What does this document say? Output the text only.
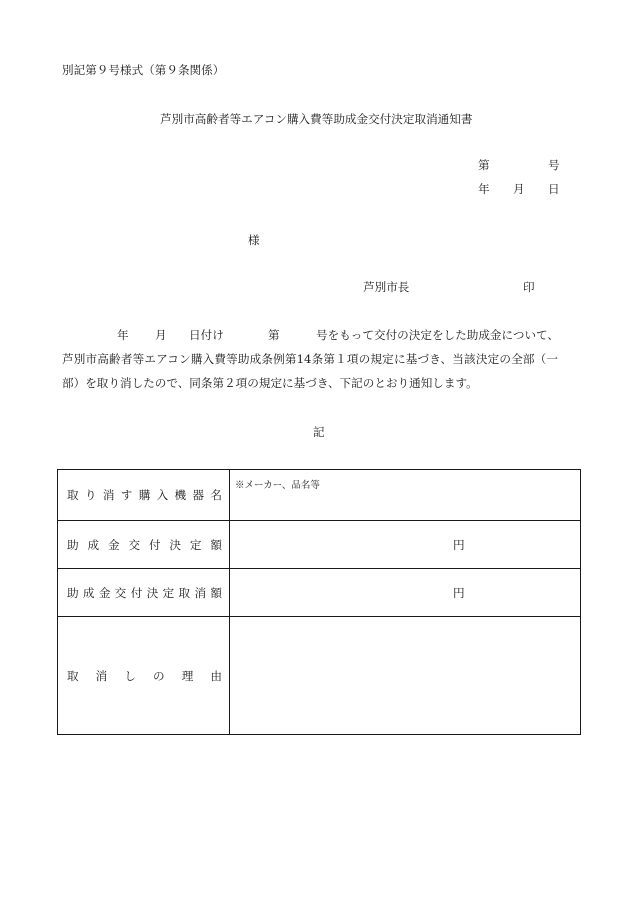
別記第９号様式（第９条関係）
芦別市高齢者等エアコン購入費等助成金交付決定取消通知書
第	号
年 月 日
様
芦別市長	印
年 月 日付け	第	号をもって交付の決定をした助成金について、
芦別市高齢者等エアコン購入費等助成条例第14条第１項の規定に基づき、当該決定の全部（一
部）を取り消したので、同条第２項の規定に基づき、下記のとおり通知します。
記
取り消す購入機器名	※メーカー、品名等

助成金交付決定額	円

助成金交付決定取消額	円

取消しの理由	
